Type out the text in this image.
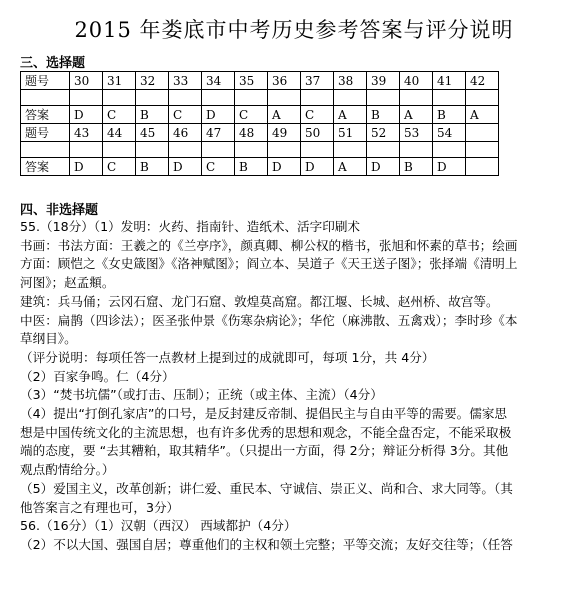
2015 年娄底市中考历史参考答案与评分说明
三、选择题
题号	30	31	32	33	34	35	36	37	38	39	40	41	42

答案	D	C	B	C	D	C	A	C	A	B	A	B	A
题号	43	44	45	46	47	48	49	50	51	52	53	54	

答案	D	C	B	D	C	B	D	D	A	D	B	D	
四、非选择题

55.（18分）（1）发明：火药、指南针、造纸术、活字印刷术

书画：书法方面：王羲之的《兰亭序》，颜真卿、柳公权的楷书，张旭和怀素的草书；绘画

方面：顾恺之《女史箴图》《洛神赋图》；阎立本、吴道子《天王送子图》；张择端《清明上

河图》；赵孟頫。

建筑：兵马俑；云冈石窟、龙门石窟、敦煌莫高窟。都江堰、长城、赵州桥、故宫等。

中医：扁鹊（四诊法）；医圣张仲景《伤寒杂病论》；华佗（麻沸散、五禽戏）；李时珍《本

草纲目》。

（评分说明：每项任答一点教材上提到过的成就即可，每项 1分，共 4分）

（2）百家争鸣。仁（4分）

（3）“焚书坑儒”（或打击、压制）；正统（或主体、主流）（4分）

（4）提出“打倒孔家店”的口号，是反封建反帝制、提倡民主与自由平等的需要。儒家思

想是中国传统文化的主流思想，也有许多优秀的思想和观念，不能全盘否定，不能采取极

端的态度，要 “去其糟粕，取其精华”。（只提出一方面，得 2分；辩证分析得 3分。其他

观点酌情给分。）

（5）爱国主义，改革创新；讲仁爱、重民本、守诚信、崇正义、尚和合、求大同等。（其

他答案言之有理也可，3分）

56.（16分）（1）汉朝（西汉） 西域都护（4分）

（2）不以大国、强国自居；尊重他们的主权和领土完整；平等交流；友好交往等；（任答
